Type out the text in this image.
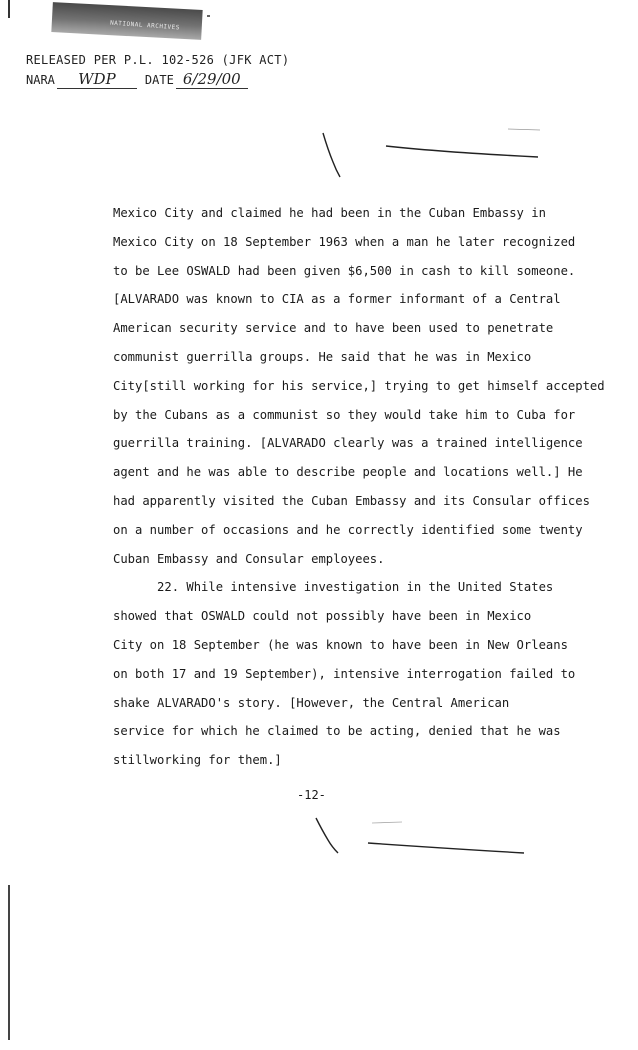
NATIONAL ARCHIVES
RELEASED PER P.L. 102-526 (JFK ACT)
NARA WDP DATE 6/29/00

Mexico City and claimed he had been in the Cuban Embassy in

Mexico City on 18 September 1963 when a man he later recognized

to be Lee OSWALD had been given $6,500 in cash to kill someone.

[ALVARADO was known to CIA as a former informant of a Central

American security service and to have been used to penetrate

communist guerrilla groups. He said that he was in Mexico

City[still working for his service,] trying to get himself accepted

by the Cubans as a communist so they would take him to Cuba for

guerrilla training. [ALVARADO clearly was a trained intelligence

agent and he was able to describe people and locations well.] He

had apparently visited the Cuban Embassy and its Consular offices

on a number of occasions and he correctly identified some twenty

Cuban Embassy and Consular employees.

22. While intensive investigation in the United States

showed that OSWALD could not possibly have been in Mexico

City on 18 September (he was known to have been in New Orleans

on both 17 and 19 September), intensive interrogation failed to

shake ALVARADO's story. [However, the Central American

service for which he claimed to be acting, denied that he was

stillworking for them.]

-12-
